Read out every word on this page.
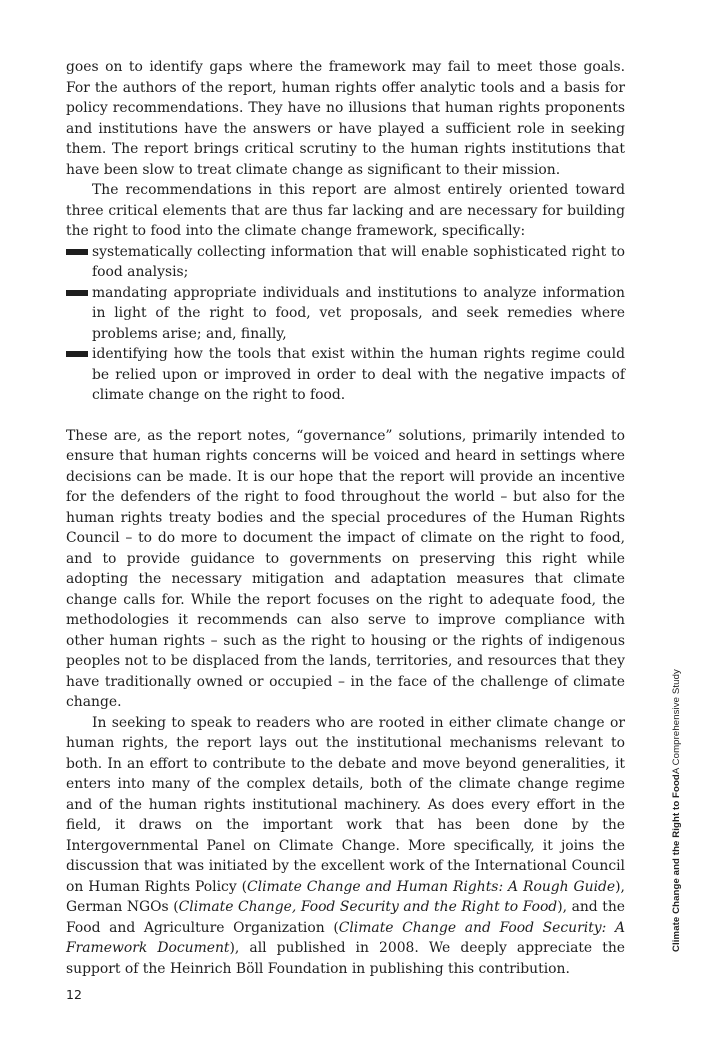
goes on to identify gaps where the framework may fail to meet those goals. For the authors of the report, human rights offer analytic tools and a basis for policy recommendations. They have no illusions that human rights proponents and institutions have the answers or have played a sufficient role in seeking them. The report brings critical scrutiny to the human rights institutions that have been slow to treat climate change as significant to their mission.

The recommendations in this report are almost entirely oriented toward three critical elements that are thus far lacking and are necessary for building the right to food into the climate change framework, specifically:

systematically collecting information that will enable sophisticated right to food analysis;
mandating appropriate individuals and institutions to analyze information in light of the right to food, vet proposals, and seek remedies where problems arise; and, finally,
identifying how the tools that exist within the human rights regime could be relied upon or improved in order to deal with the negative impacts of climate change on the right to food.

These are, as the report notes, “governance” solutions, primarily intended to ensure that human rights concerns will be voiced and heard in settings where decisions can be made. It is our hope that the report will provide an incentive for the defenders of the right to food throughout the world – but also for the human rights treaty bodies and the special procedures of the Human Rights Council – to do more to document the impact of climate on the right to food, and to provide guidance to governments on preserving this right while adopting the necessary mitigation and adaptation measures that climate change calls for. While the report focuses on the right to adequate food, the methodologies it recommends can also serve to improve compliance with other human rights – such as the right to housing or the rights of indigenous peoples not to be displaced from the lands, territories, and resources that they have traditionally owned or occupied – in the face of the challenge of climate change.

In seeking to speak to readers who are rooted in either climate change or human rights, the report lays out the institutional mechanisms relevant to both. In an effort to contribute to the debate and move beyond generalities, it enters into many of the complex details, both of the climate change regime and of the human rights institutional machinery. As does every effort in the field, it draws on the important work that has been done by the Intergovernmental Panel on Climate Change. More specifically, it joins the discussion that was initiated by the excellent work of the International Council on Human Rights Policy (Climate Change and Human Rights: A Rough Guide), German NGOs (Climate Change, Food Security and the Right to Food), and the Food and Agriculture Organization (Climate Change and Food Security: A Framework Document), all published in 2008. We deeply appreciate the support of the Heinrich Böll Foundation in publishing this contribution.

12
Climate Change and the Right to FoodA Comprehensive Study
